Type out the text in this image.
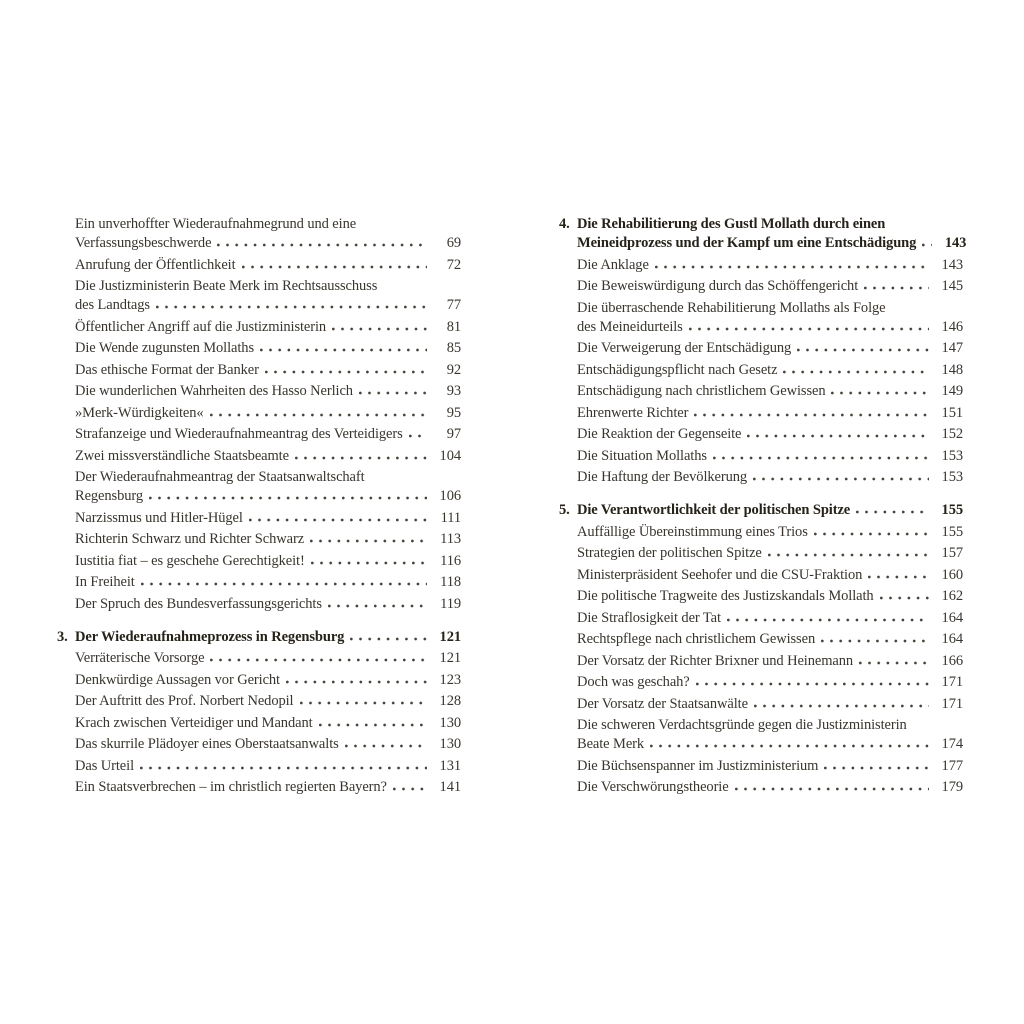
Ein unverhoffter Wiederaufnahmegrund und eine
Verfassungsbeschwerde	69
Anrufung der Öffentlichkeit	72
Die Justizministerin Beate Merk im Rechtsausschuss
des Landtags	77
Öffentlicher Angriff auf die Justizministerin	81
Die Wende zugunsten Mollaths	85
Das ethische Format der Banker	92
Die wunderlichen Wahrheiten des Hasso Nerlich	93
»Merk-Würdigkeiten«	95
Strafanzeige und Wiederaufnahmeantrag des Verteidigers	97
Zwei missverständliche Staatsbeamte	104
Der Wiederaufnahmeantrag der Staatsanwaltschaft
Regensburg	106
Narzissmus und Hitler-Hügel	111
Richterin Schwarz und Richter Schwarz	113
Iustitia fiat – es geschehe Gerechtigkeit!	116
In Freiheit	118
Der Spruch des Bundesverfassungsgerichts	119
3. Der Wiederaufnahmeprozess in Regensburg	121
Verräterische Vorsorge	121
Denkwürdige Aussagen vor Gericht	123
Der Auftritt des Prof. Norbert Nedopil	128
Krach zwischen Verteidiger und Mandant	130
Das skurrile Plädoyer eines Oberstaatsanwalts	130
Das Urteil	131
Ein Staatsverbrechen – im christlich regierten Bayern?	141
4. Die Rehabilitierung des Gustl Mollath durch einen
Meineidprozess und der Kampf um eine Entschädigung	143
Die Anklage	143
Die Beweiswürdigung durch das Schöffengericht	145
Die überraschende Rehabilitierung Mollaths als Folge
des Meineidurteils	146
Die Verweigerung der Entschädigung	147
Entschädigungspflicht nach Gesetz	148
Entschädigung nach christlichem Gewissen	149
Ehrenwerte Richter	151
Die Reaktion der Gegenseite	152
Die Situation Mollaths	153
Die Haftung der Bevölkerung	153
5. Die Verantwortlichkeit der politischen Spitze	155
Auffällige Übereinstimmung eines Trios	155
Strategien der politischen Spitze	157
Ministerpräsident Seehofer und die CSU-Fraktion	160
Die politische Tragweite des Justizskandals Mollath	162
Die Straflosigkeit der Tat	164
Rechtspflege nach christlichem Gewissen	164
Der Vorsatz der Richter Brixner und Heinemann	166
Doch was geschah?	171
Der Vorsatz der Staatsanwälte	171
Die schweren Verdachtsgründe gegen die Justizministerin
Beate Merk	174
Die Büchsenspanner im Justizministerium	177
Die Verschwörungstheorie	179
